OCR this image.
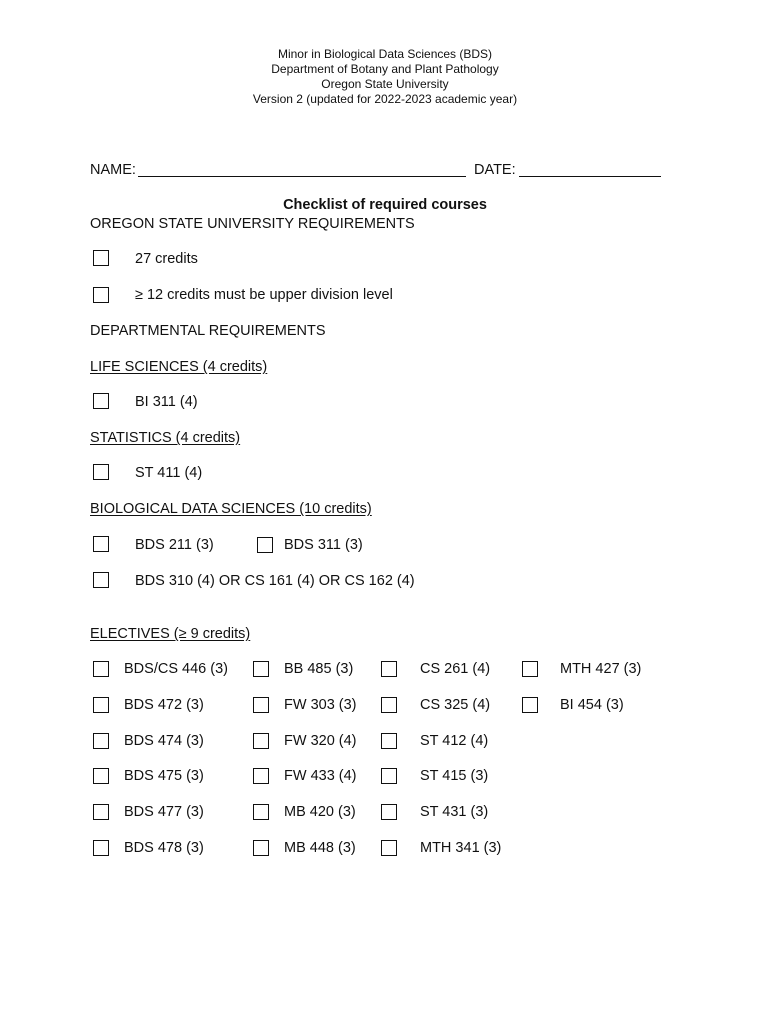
Minor in Biological Data Sciences (BDS)
Department of Botany and Plant Pathology
Oregon State University
Version 2 (updated for 2022-2023 academic year)
NAME:	DATE:
Checklist of required courses
OREGON STATE UNIVERSITY REQUIREMENTS
27 credits
≥ 12 credits must be upper division level
DEPARTMENTAL REQUIREMENTS
LIFE SCIENCES (4 credits)
BI 311 (4)
STATISTICS (4 credits)
ST 411 (4)
BIOLOGICAL DATA SCIENCES (10 credits)
BDS 211 (3)	BDS 311 (3)
BDS 310 (4) OR CS 161 (4) OR CS 162 (4)
ELECTIVES (≥ 9 credits)
BDS/CS 446 (3)
BDS 472 (3)
BDS 474 (3)
BDS 475 (3)
BDS 477 (3)
BDS 478 (3)
BB 485 (3)
FW 303 (3)
FW 320 (4)
FW 433 (4)
MB 420 (3)
MB 448 (3)
CS 261 (4)
CS 325 (4)
ST 412 (4)
ST 415 (3)
ST 431 (3)
MTH 341 (3)
MTH 427 (3)
BI 454 (3)
